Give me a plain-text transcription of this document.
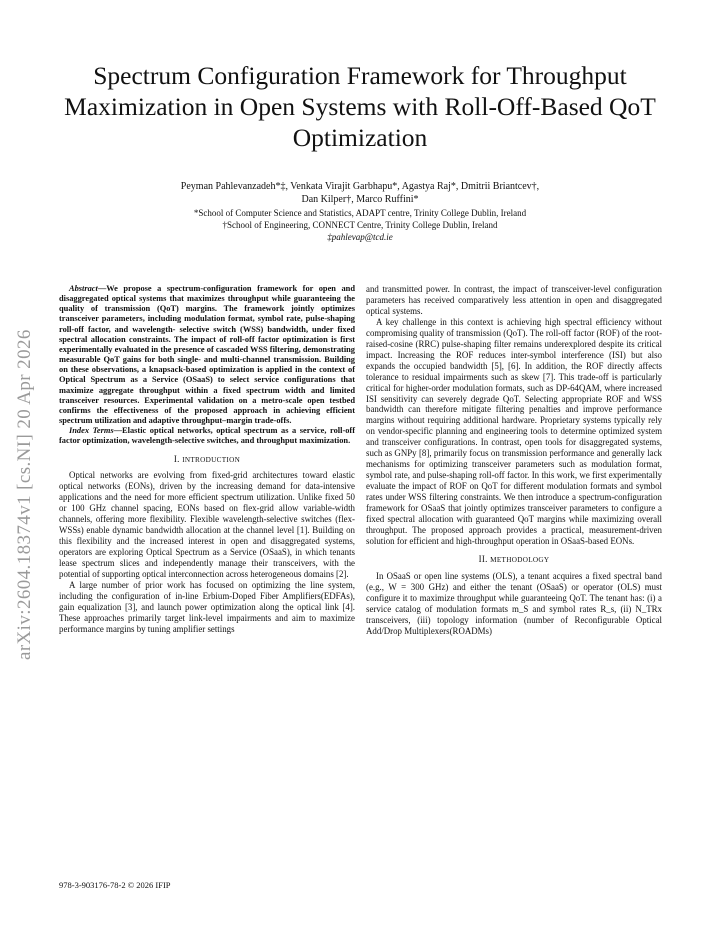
arXiv:2604.18374v1 [cs.NI] 20 Apr 2026
Spectrum Configuration Framework for Throughput Maximization in Open Systems with Roll-Off-Based QoT Optimization
Peyman Pahlevanzadeh*‡, Venkata Virajit Garbhapu*, Agastya Raj*, Dmitrii Briantcev†,
Dan Kilper†, Marco Ruffini*
*School of Computer Science and Statistics, ADAPT centre, Trinity College Dublin, Ireland
†School of Engineering, CONNECT Centre, Trinity College Dublin, Ireland
‡pahlevap@tcd.ie

Abstract—We propose a spectrum-configuration framework for open and disaggregated optical systems that maximizes throughput while guaranteeing the quality of transmission (QoT) margins. The framework jointly optimizes transceiver parameters, including modulation format, symbol rate, pulse-shaping roll-off factor, and wavelength- selective switch (WSS) bandwidth, under fixed spectral allocation constraints. The impact of roll-off factor optimization is first experimentally evaluated in the presence of cascaded WSS filtering, demonstrating measurable QoT gains for both single- and multi-channel transmission. Building on these observations, a knapsack-based optimization is applied in the context of Optical Spectrum as a Service (OSaaS) to select service configurations that maximize aggregate throughput within a fixed spectrum width and limited transceiver resources. Experimental validation on a metro-scale open testbed confirms the effectiveness of the proposed approach in achieving efficient spectrum utilization and adaptive throughput–margin trade-offs.

Index Terms—Elastic optical networks, optical spectrum as a service, roll-off factor optimization, wavelength-selective switches, and throughput maximization.

I. INTRODUCTION

Optical networks are evolving from fixed-grid architectures toward elastic optical networks (EONs), driven by the increasing demand for data-intensive applications and the need for more efficient spectrum utilization. Unlike fixed 50 or 100 GHz channel spacing, EONs based on flex-grid allow variable-width channels, offering more flexibility. Flexible wavelength-selective switches (flex-WSSs) enable dynamic bandwidth allocation at the channel level [1]. Building on this flexibility and the increased interest in open and disaggregated systems, operators are exploring Optical Spectrum as a Service (OSaaS), in which tenants lease spectrum slices and independently manage their transceivers, with the potential of supporting optical interconnection across heterogeneous domains [2].

A large number of prior work has focused on optimizing the line system, including the configuration of in-line Erbium-Doped Fiber Amplifiers(EDFAs), gain equalization [3], and launch power optimization along the optical link [4]. These approaches primarily target link-level impairments and aim to maximize performance margins by tuning amplifier settings

and transmitted power. In contrast, the impact of transceiver-level configuration parameters has received comparatively less attention in open and disaggregated optical systems.

A key challenge in this context is achieving high spectral efficiency without compromising quality of transmission (QoT). The roll-off factor (ROF) of the root-raised-cosine (RRC) pulse-shaping filter remains underexplored despite its critical impact. Increasing the ROF reduces inter-symbol interference (ISI) but also expands the occupied bandwidth [5], [6]. In addition, the ROF directly affects tolerance to residual impairments such as skew [7]. This trade-off is particularly critical for higher-order modulation formats, such as DP-64QAM, where increased ISI sensitivity can severely degrade QoT. Selecting appropriate ROF and WSS bandwidth can therefore mitigate filtering penalties and improve performance margins without requiring additional hardware. Proprietary systems typically rely on vendor-specific planning and engineering tools to determine optimized system and transceiver configurations. In contrast, open tools for disaggregated systems, such as GNPy [8], primarily focus on transmission performance and generally lack mechanisms for optimizing transceiver parameters such as modulation format, symbol rate, and pulse-shaping roll-off factor. In this work, we first experimentally evaluate the impact of ROF on QoT for different modulation formats and symbol rates under WSS filtering constraints. We then introduce a spectrum-configuration framework for OSaaS that jointly optimizes transceiver parameters to configure a fixed spectral allocation with guaranteed QoT margins while maximizing overall throughput. The proposed approach provides a practical, measurement-driven solution for efficient and high-throughput operation in OSaaS-based EONs.

II. METHODOLOGY

In OSaaS or open line systems (OLS), a tenant acquires a fixed spectral band (e.g., W = 300 GHz) and either the tenant (OSaaS) or operator (OLS) must configure it to maximize throughput while guaranteeing QoT. The tenant has: (i) a service catalog of modulation formats m_S and symbol rates R_s, (ii) N_TRx transceivers, (iii) topology information (number of Reconfigurable Optical Add/Drop Multiplexers(ROADMs)

978-3-903176-78-2 © 2026 IFIP
